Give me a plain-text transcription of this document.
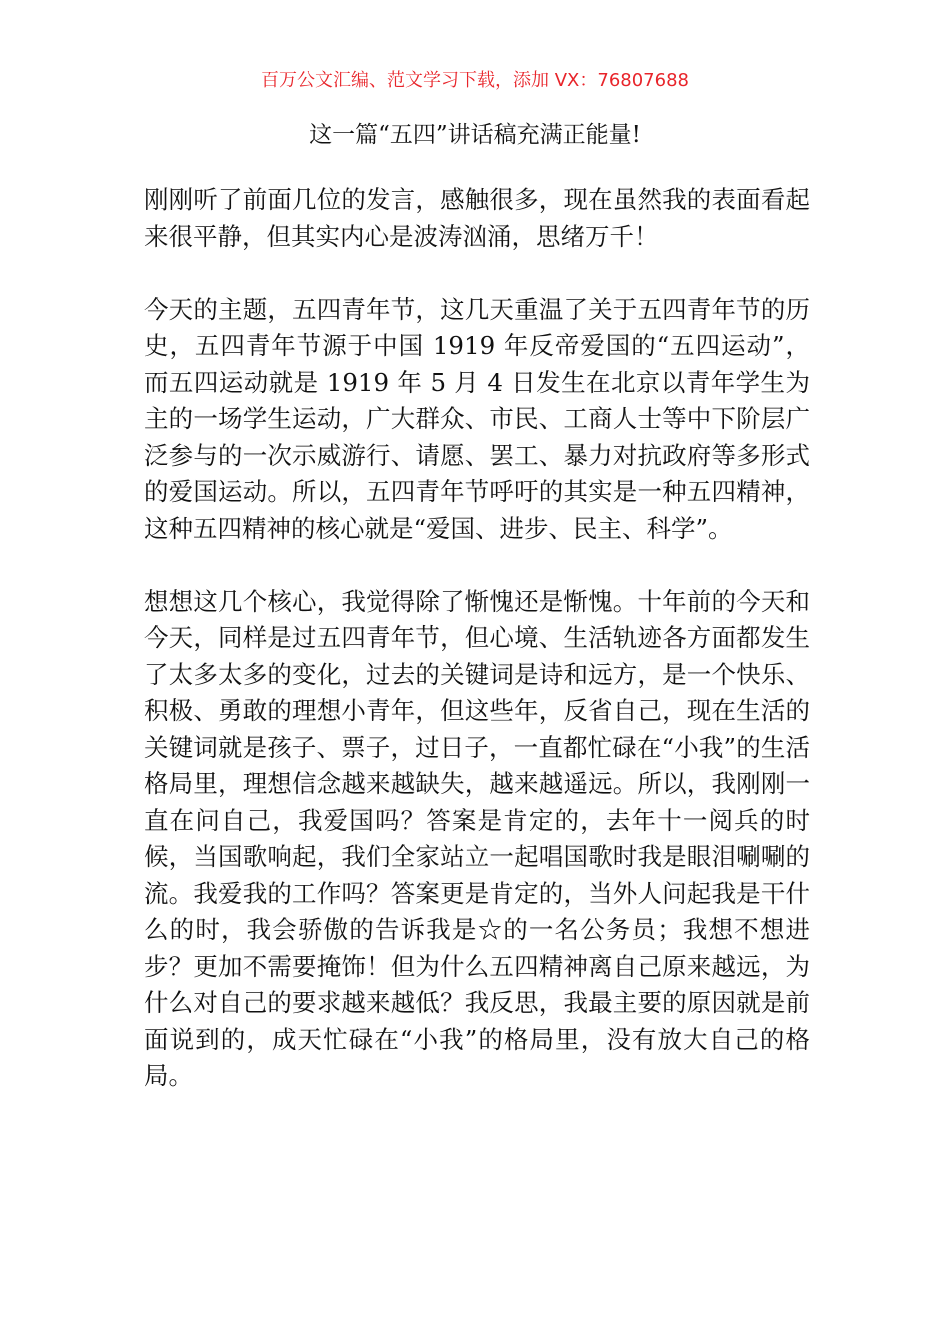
百万公文汇编、范文学习下载，添加 VX：76807688
这一篇“五四”讲话稿充满正能量!

刚刚听了前面几位的发言，感触很多，现在虽然我的表面看起来很平静，但其实内心是波涛汹涌，思绪万千！

今天的主题，五四青年节，这几天重温了关于五四青年节的历史，五四青年节源于中国 1919 年反帝爱国的“五四运动”，而五四运动就是 1919 年 5 月 4 日发生在北京以青年学生为主的一场学生运动，广大群众、市民、工商人士等中下阶层广泛参与的一次示威游行、请愿、罢工、暴力对抗政府等多形式的爱国运动。所以，五四青年节呼吁的其实是一种五四精神，这种五四精神的核心就是“爱国、进步、民主、科学”。

想想这几个核心，我觉得除了惭愧还是惭愧。十年前的今天和今天，同样是过五四青年节，但心境、生活轨迹各方面都发生了太多太多的变化，过去的关键词是诗和远方，是一个快乐、积极、勇敢的理想小青年，但这些年，反省自己，现在生活的关键词就是孩子、票子，过日子，一直都忙碌在“小我”的生活格局里，理想信念越来越缺失，越来越遥远。所以，我刚刚一直在问自己，我爱国吗？答案是肯定的，去年十一阅兵的时候，当国歌响起，我们全家站立一起唱国歌时我是眼泪唰唰的流。我爱我的工作吗？答案更是肯定的，当外人问起我是干什么的时，我会骄傲的告诉我是☆的一名公务员；我想不想进步？更加不需要掩饰！但为什么五四精神离自己原来越远，为什么对自己的要求越来越低？我反思，我最主要的原因就是前面说到的，成天忙碌在“小我”的格局里，没有放大自己的格局。
